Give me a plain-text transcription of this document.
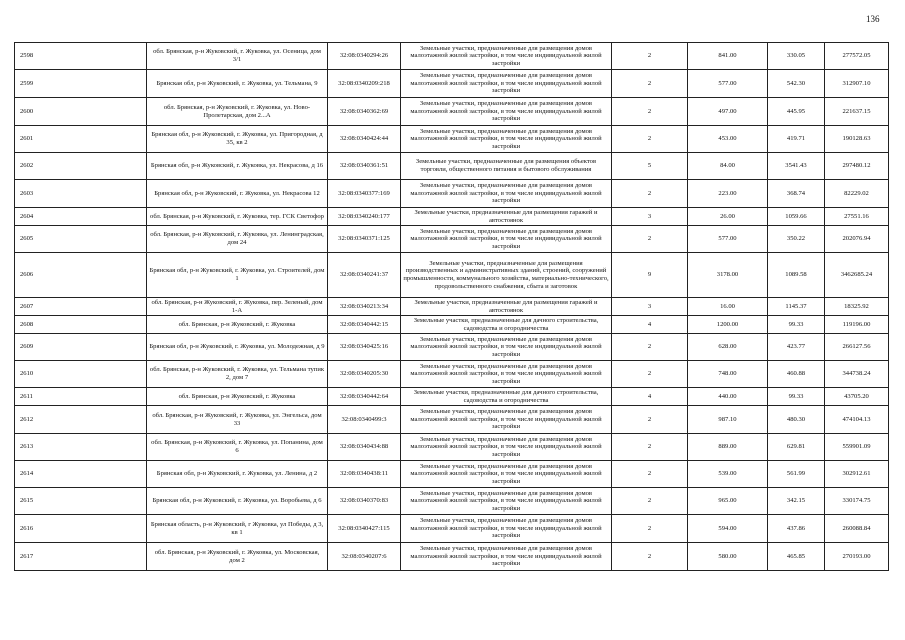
136
2598	обл. Брянская, р-н Жуковский, г. Жуковка, ул. Осеница, дом 3/1	32:08:0340294:26	Земельные участки, предназначенные для размещения домов малоэтажной жилой застройки, в том числе индивидуальной жилой застройки	2	841.00	330.05	277572.05
2599	Брянская обл, р-н Жуковский, г. Жуковка, ул. Тельмана, 9	32:08:0340209:218	Земельные участки, предназначенные для размещения домов малоэтажной жилой застройки, в том числе индивидуальной жилой застройки	2	577.00	542.30	312907.10
2600	обл. Брянская, р-н Жуковский, г. Жуковка, ул. Ново-Пролетарская, дом 2...А	32:08:0340362:69	Земельные участки, предназначенные для размещения домов малоэтажной жилой застройки, в том числе индивидуальной жилой застройки	2	497.00	445.95	221637.15
2601	Брянская обл, р-н Жуковский, г. Жуковка, ул. Пригородная, д 35, кв 2	32:08:0340424:44	Земельные участки, предназначенные для размещения домов малоэтажной жилой застройки, в том числе индивидуальной жилой застройки	2	453.00	419.71	190128.63
2602	Брянская обл, р-н Жуковский, г. Жуковка, ул. Некрасова, д 16	32:08:0340361:51	Земельные участки, предназначенные для размещения объектов торговли, общественного питания и бытового обслуживания	5	84.00	3541.43	297480.12
2603	Брянская обл, р-н Жуковский, г. Жуковка, ул. Некрасова 12	32:08:0340377:169	Земельные участки, предназначенные для размещения домов малоэтажной жилой застройки, в том числе индивидуальной жилой застройки	2	223.00	368.74	82229.02
2604	обл. Брянская, р-н Жуковский, г. Жуковка, тер. ГСК Светофор	32:08:0340240:177	Земельные участки, предназначенные для размещения гаражей и автостоянок	3	26.00	1059.66	27551.16
2605	обл. Брянская, р-н Жуковский, г. Жуковка, ул. Ленинградская, дом 24	32:08:0340371:125	Земельные участки, предназначенные для размещения домов малоэтажной жилой застройки, в том числе индивидуальной жилой застройки	2	577.00	350.22	202076.94
2606	Брянская обл, р-н Жуковский, г. Жуковка, ул. Строителей, дом 1	32:08:0340241:37	Земельные участки, предназначенные для размещения производственных и административных зданий, строений, сооружений промышленности, коммунального хозяйства, материально-технического, продовольственного снабжения, сбыта и заготовок	9	3178.00	1089.58	3462685.24
2607	обл. Брянская, р-н Жуковский, г. Жуковка, пер. Зеленый, дом 1-А	32:08:0340213:34	Земельные участки, предназначенные для размещения гаражей и автостоянок	3	16.00	1145.37	18325.92
2608	обл. Брянская, р-н Жуковский, г. Жуковка	32:08:0340442:15	Земельные участки, предназначенные для дачного строительства, садоводства и огородничества	4	1200.00	99.33	119196.00
2609	Брянская обл, р-н Жуковский, г. Жуковка, ул. Молодежная, д 9	32:08:0340425:16	Земельные участки, предназначенные для размещения домов малоэтажной жилой застройки, в том числе индивидуальной жилой застройки	2	628.00	423.77	266127.56
2610	обл. Брянская, р-н Жуковский, г. Жуковка, ул. Тельмана тупик 2, дом 7	32:08:0340205:30	Земельные участки, предназначенные для размещения домов малоэтажной жилой застройки, в том числе индивидуальной жилой застройки	2	748.00	460.88	344738.24
2611	обл. Брянская, р-н Жуковский, г. Жуковка	32:08:0340442:64	Земельные участки, предназначенные для дачного строительства, садоводства и огородничества	4	440.00	99.33	43705.20
2612	обл. Брянская, р-н Жуковский, г. Жуковка, ул. Энгельса, дом 33	32:08:0340499:3	Земельные участки, предназначенные для размещения домов малоэтажной жилой застройки, в том числе индивидуальной жилой застройки	2	987.10	480.30	474104.13
2613	обл. Брянская, р-н Жуковский, г. Жуковка, ул. Попанина, дом 6	32:08:0340434:88	Земельные участки, предназначенные для размещения домов малоэтажной жилой застройки, в том числе индивидуальной жилой застройки	2	889.00	629.81	559901.09
2614	Брянская обл, р-н Жуковский, г. Жуковка, ул. Ленина, д 2	32:08:0340438:11	Земельные участки, предназначенные для размещения домов малоэтажной жилой застройки, в том числе индивидуальной жилой застройки	2	539.00	561.99	302912.61
2615	Брянская обл, р-н Жуковский, г. Жуковка, ул. Воробьева, д 6	32:08:0340370:83	Земельные участки, предназначенные для размещения домов малоэтажной жилой застройки, в том числе индивидуальной жилой застройки	2	965.00	342.15	330174.75
2616	Брянская область, р-н Жуковский, г Жуковка, ул Победы, д 3, кв 1	32:08:0340427:115	Земельные участки, предназначенные для размещения домов малоэтажной жилой застройки, в том числе индивидуальной жилой застройки	2	594.00	437.86	260088.84
2617	обл. Брянская, р-н Жуковский, г. Жуковка, ул. Московская, дом 2	32:08:0340207:6	Земельные участки, предназначенные для размещения домов малоэтажной жилой застройки, в том числе индивидуальной жилой застройки	2	580.00	465.85	270193.00
